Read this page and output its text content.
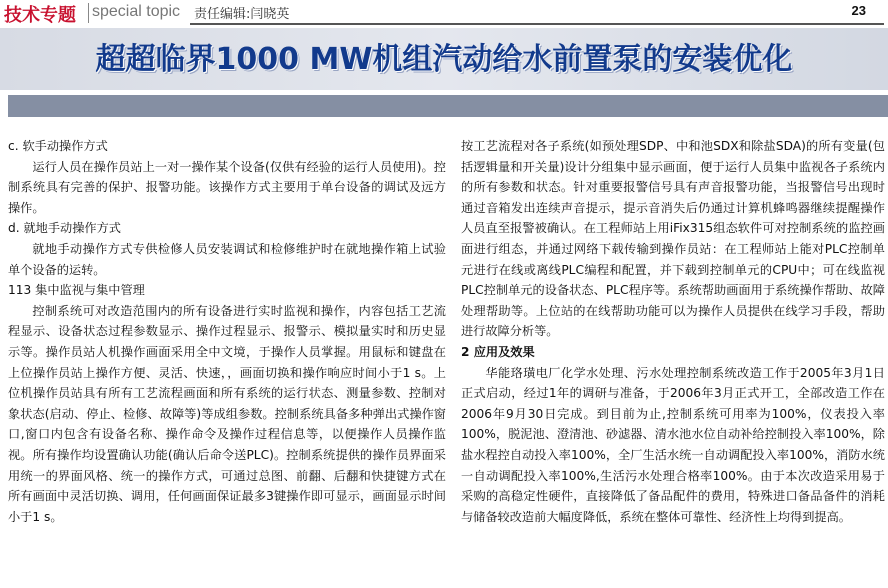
技术专题 special topic 责任编辑:闫晓英	23
超超临界1000 MW机组汽动给水前置泵的安装优化

c. 软手动操作方式

运行人员在操作员站上一对一操作某个设备(仅供有经验的运行人员使用)。控制系统具有完善的保护、报警功能。该操作方式主要用于单台设备的调试及远方操作。

d. 就地手动操作方式

就地手动操作方式专供检修人员安装调试和检修维护时在就地操作箱上试验单个设备的运转。

113 集中监视与集中管理

控制系统可对改造范围内的所有设备进行实时监视和操作，内容包括工艺流程显示、设备状态过程参数显示、操作过程显示、报警示、模拟量实时和历史显示等。操作员站人机操作画面采用全中文境，于操作人员掌握。用鼠标和键盘在上位操作员站上操作方便、灵活、快速，，画面切换和操作响应时间小于1 s。上位机操作员站具有所有工艺流程画面和所有系统的运行状态、测量参数、控制对象状态(启动、停止、检修、故障等)等成组参数。控制系统具备多种弹出式操作窗口,窗口内包含有设备名称、操作命令及操作过程信息等，以便操作人员操作监视。所有操作均设置确认功能(确认后命令送PLC)。控制系统提供的操作员界面采用统一的界面风格、统一的操作方式，可通过总图、前翻、后翻和快捷键方式在所有画面中灵活切换、调用，任何画面保证最多3键操作即可显示，画面显示时间小于1 s。

按工艺流程对各子系统(如预处理SDP、中和池SDX和除盐SDA)的所有变量(包括逻辑量和开关量)设计分组集中显示画面，便于运行人员集中监视各子系统内的所有参数和状态。针对重要报警信号具有声音报警功能，当报警信号出现时通过音箱发出连续声音提示，提示音消失后仍通过计算机蜂鸣器继续提醒操作人员直至报警被确认。在工程师站上用iFix315组态软件可对控制系统的监控画面进行组态，并通过网络下载传输到操作员站：在工程师站上能对PLC控制单元进行在线或离线PLC编程和配置，并下载到控制单元的CPU中；可在线监视PLC控制单元的设备状态、PLC程序等。系统帮助画面用于系统操作帮助、故障处理帮助等。上位站的在线帮助功能可以为操作人员提供在线学习手段，帮助进行故障分析等。

2 应用及效果

华能珞璜电厂化学水处理、污水处理控制系统改造工作于2005年3月1日正式启动，经过1年的调研与准备，于2006年3月正式开工，全部改造工作在2006年9月30日完成。到目前为止,控制系统可用率为100%，仪表投入率100%，脱泥池、澄清池、砂滤器、清水池水位自动补给控制投入率100%，除盐水程控自动投入率100%，全厂生活水统一自动调配投入率100%，消防水统一自动调配投入率100%,生活污水处理合格率100%。由于本次改造采用易于采购的高稳定性硬件，直接降低了备品配件的费用，特殊进口备品备件的消耗与储备较改造前大幅度降低，系统在整体可靠性、经济性上均得到提高。
